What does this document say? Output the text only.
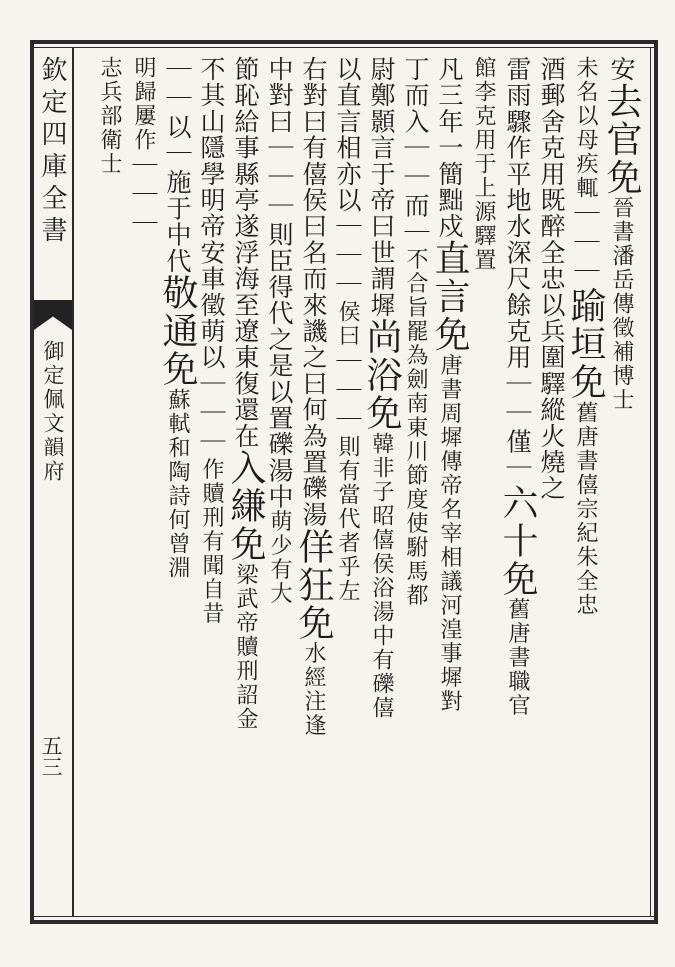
欽定四庫全書
御定佩文韻府
五三
安去官免晉書潘岳傳徵補博士
未名以母疾輒｜｜｜踰垣免舊唐書僖宗紀朱全忠
酒郵舍克用既醉全忠以兵圍驛縱火燒之
雷雨驟作平地水深尺餘克用｜｜僅｜六十免舊唐書職官
館李克用于上源驛置
凡三年一簡黜戍直言免唐書周墀傳帝名宰相議河湟事墀對
丁而入｜｜而｜不合旨罷為劍南東川節度使駙馬都
尉鄭顥言于帝曰世謂墀尚浴免韓非子昭僖侯浴湯中有礫僖
以直言相亦以｜｜｜侯曰｜｜｜則有當代者乎左
右對曰有僖侯曰名而來譏之曰何為置礫湯佯狂免水經注逢
中對曰｜｜｜則臣得代之是以置礫湯中萌少有大
節恥給事縣亭遂浮海至遼東復還在入縑免梁武帝贖刑詔金
不其山隱學明帝安車徵萌以｜｜｜作贖刑有聞自昔
｜｜以｜施于中代敬通免蘇軾和陶詩何曾淵
明歸屢作｜｜｜
志兵部衛士
